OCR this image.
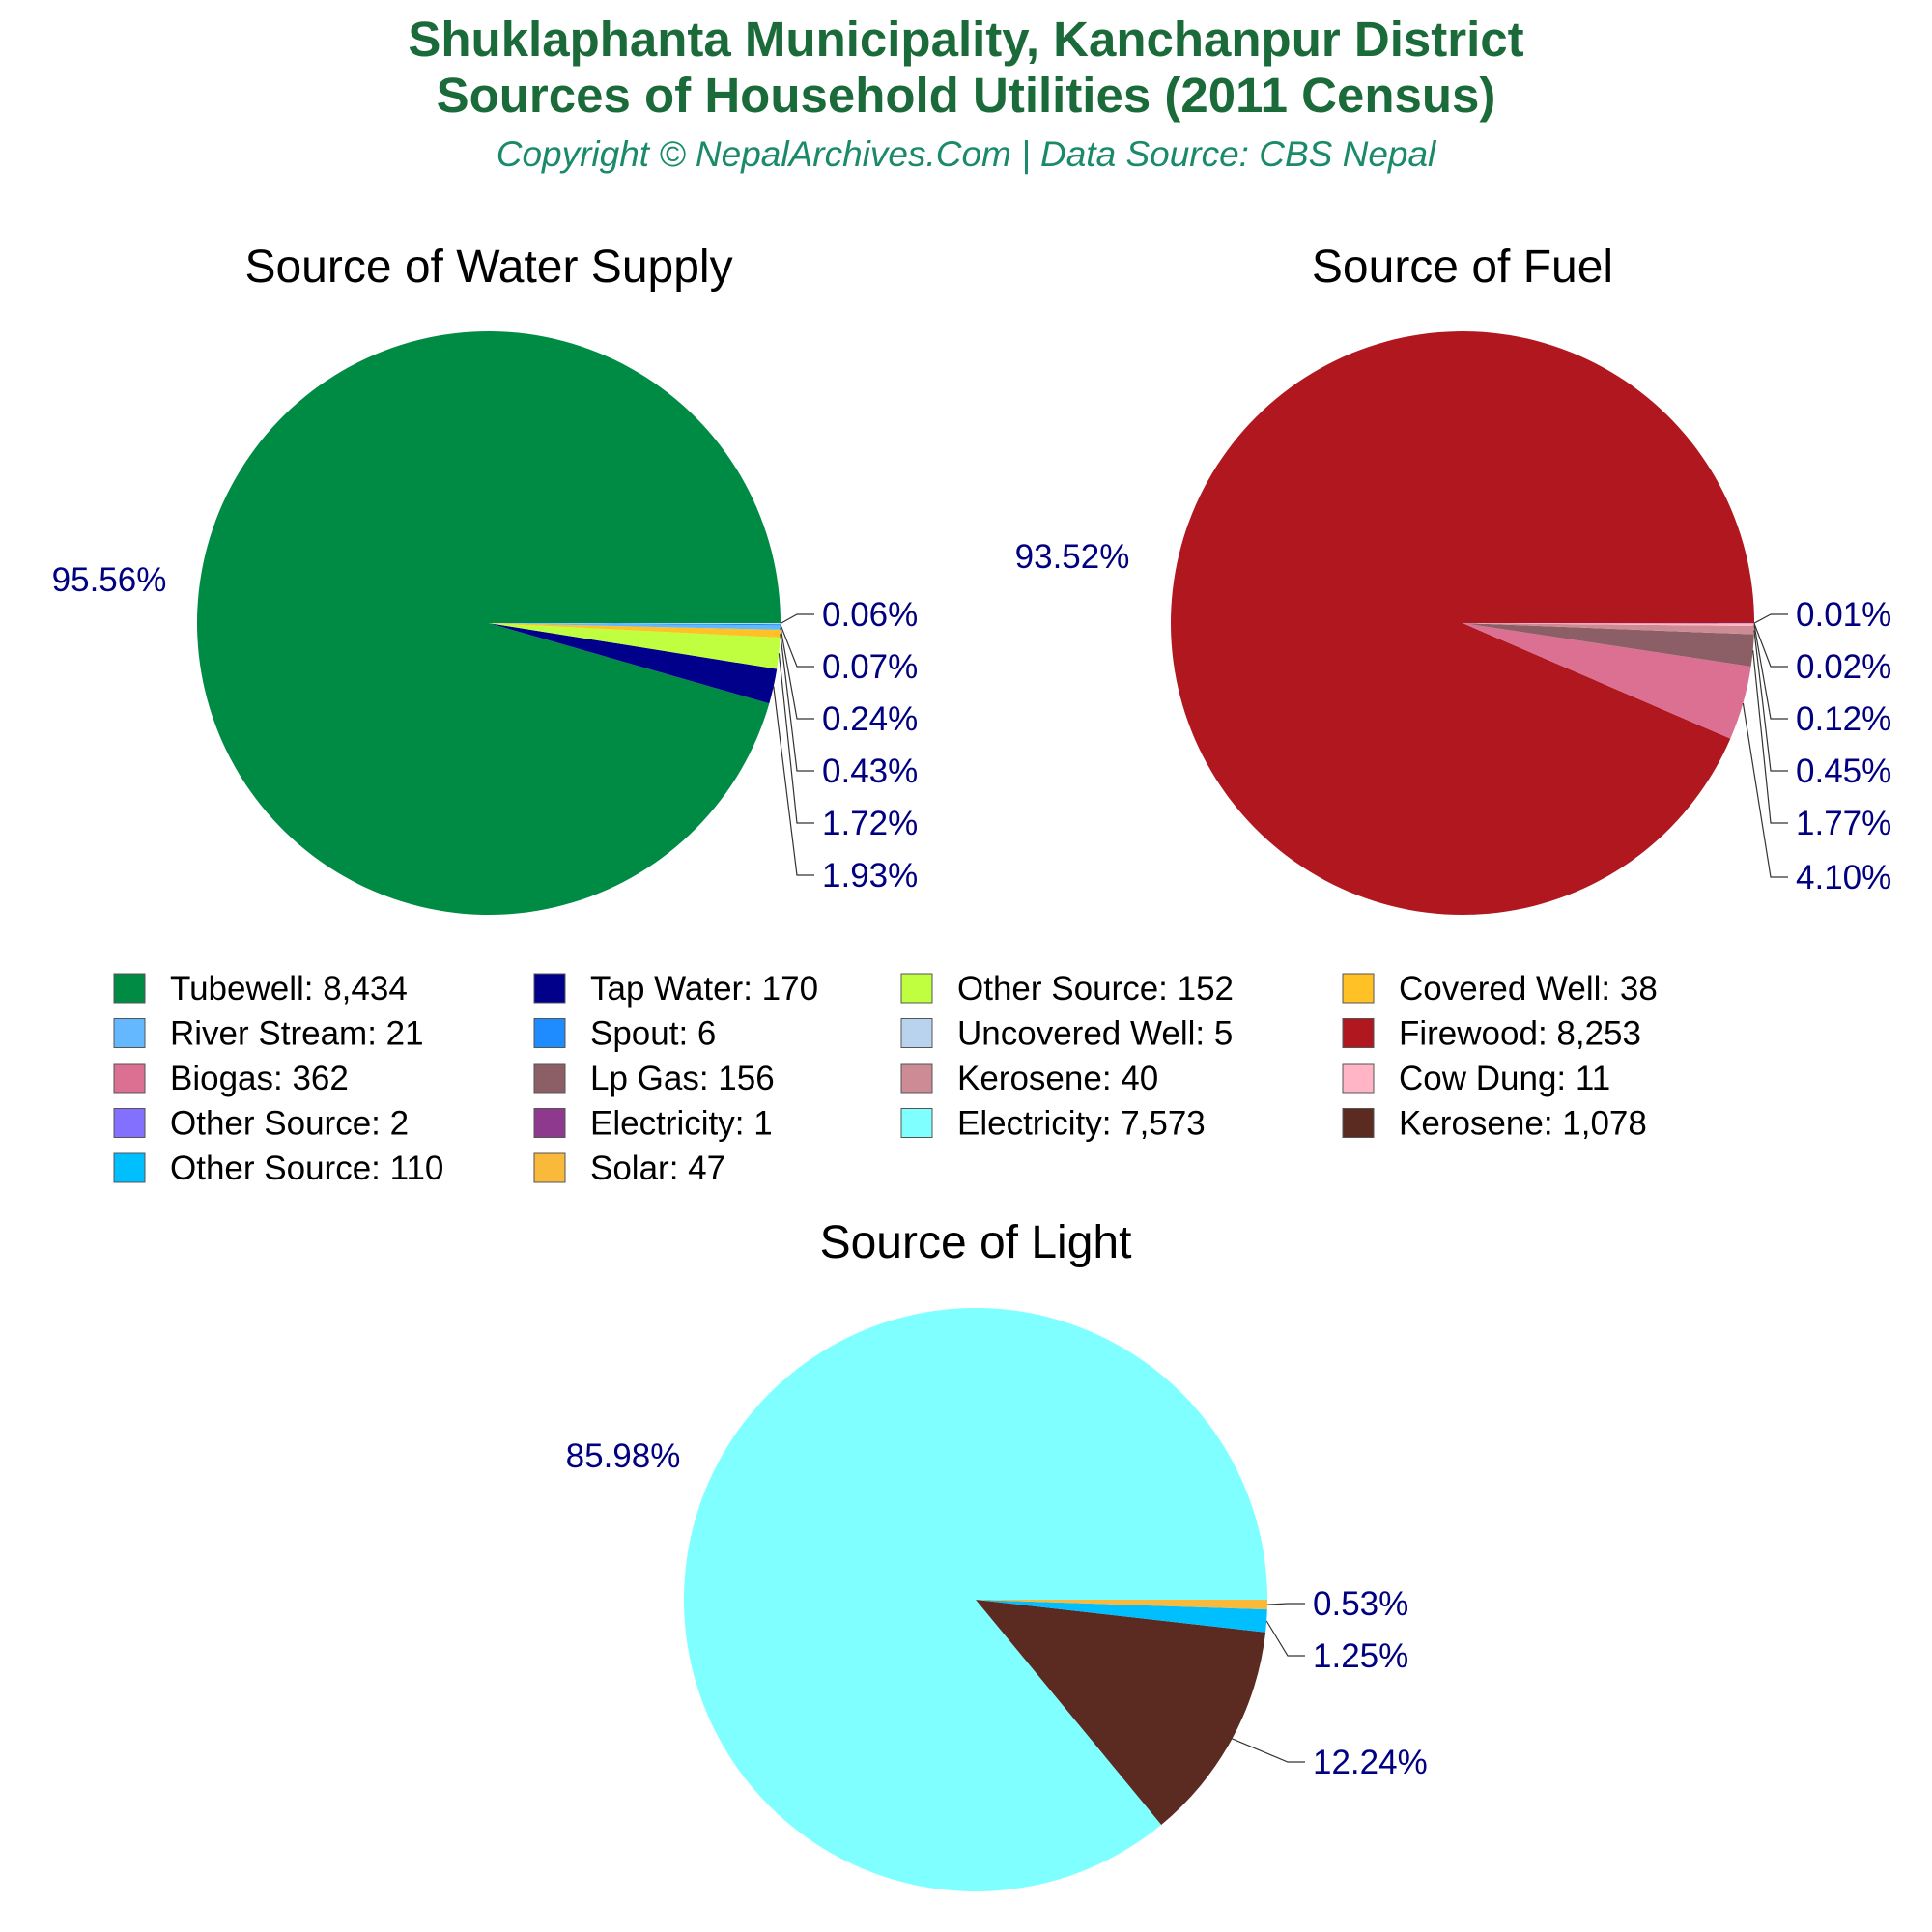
Shuklaphanta Municipality, Kanchanpur District
Sources of Household Utilities (2011 Census)
Copyright © NepalArchives.Com | Data Source: CBS Nepal
Source of Water Supply
95.56%
0.06%
0.07%
0.24%
0.43%
1.72%
1.93%
Source of Fuel
93.52%
0.01%
0.02%
0.12%
0.45%
1.77%
4.10%
Source of Light
85.98%
0.53%
1.25%
12.24%
Tubewell: 8,434	Tap Water: 170	Other Source: 152	Covered Well: 38
River Stream: 21	Spout: 6	Uncovered Well: 5	Firewood: 8,253
Biogas: 362	Lp Gas: 156	Kerosene: 40	Cow Dung: 11
Other Source: 2	Electricity: 1	Electricity: 7,573	Kerosene: 1,078
Other Source: 110	Solar: 47
